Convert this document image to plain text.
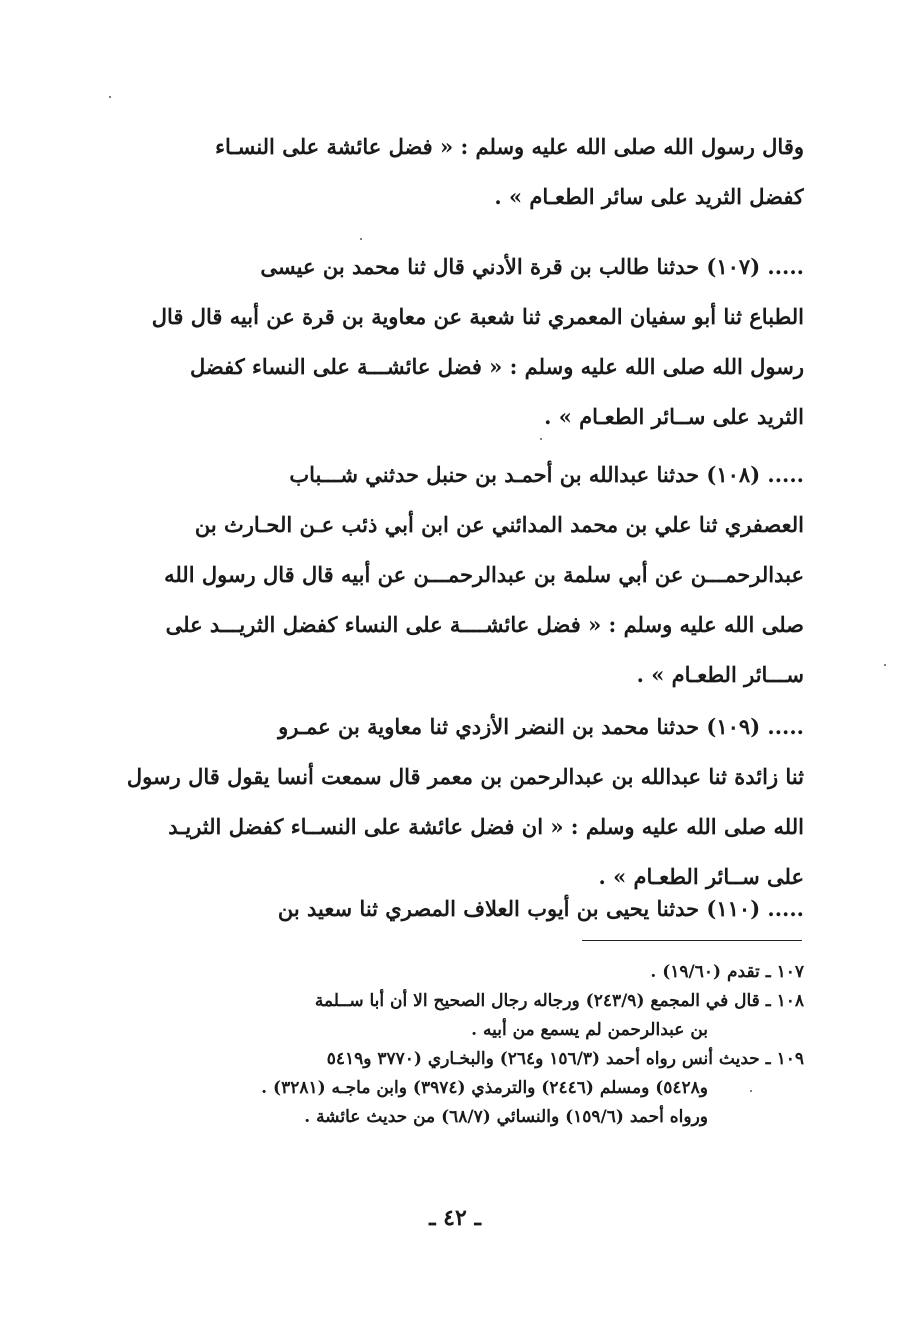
وقال رسول الله صلى الله عليه وسلم : « فضل عائشة على النسـاء
كفضل الثريد على سائر الطعـام » .
..... (١٠٧) حدثنا طالب بن قرة الأدني قال ثنا محمد بن عيسى
الطباع ثنا أبو سفيان المعمري ثنا شعبة عن معاوية بن قرة عن أبيه قال قال
رسول الله صلى الله عليه وسلم : « فضل عائشـــة على النساء كفضل
الثريد على ســائر الطعـام » .
..... (١٠٨) حدثنا عبدالله بن أحمـد بن حنبل حدثني شـــباب
العصفري ثنا علي بن محمد المدائني عن ابن أبي ذئب عـن الحـارث بن
عبدالرحمـــن عن أبي سلمة بن عبدالرحمـــن عن أبيه قال قال رسول الله
صلى الله عليه وسلم : « فضل عائشــــة على النساء كفضل الثريـــد على
ســـائر الطعـام » .
..... (١٠٩) حدثنا محمد بن النضر الأزدي ثنا معاوية بن عمـرو
ثنا زائدة ثنا عبدالله بن عبدالرحمن بن معمر قال سمعت أنسا يقول قال رسول
الله صلى الله عليه وسلم : « ان فضل عائشة على النســاء كفضل الثريـد
على ســائر الطعـام » .
..... (١١٠) حدثنا يحيى بن أيوب العلاف المصري ثنا سعيد بن
١٠٧ ـ تقدم (١٩/٦٠) .
١٠٨ ـ قال في المجمع (٢٤٣/٩) ورجاله رجال الصحيح الا أن أبا ســلمة
بن عبدالرحمن لم يسمع من أبيه .
١٠٩ ـ حديث أنس رواه أحمد (١٥٦/٣ و٢٦٤) والبخـاري (٣٧٧٠ و٥٤١٩
و٥٤٢٨) ومسلم (٢٤٤٦) والترمذي (٣٩٧٤) وابن ماجـه (٣٢٨١) .
ورواه أحمد (١٥٩/٦) والنسائي (٦٨/٧) من حديث عائشة .
ـ ٤٢ ـ
